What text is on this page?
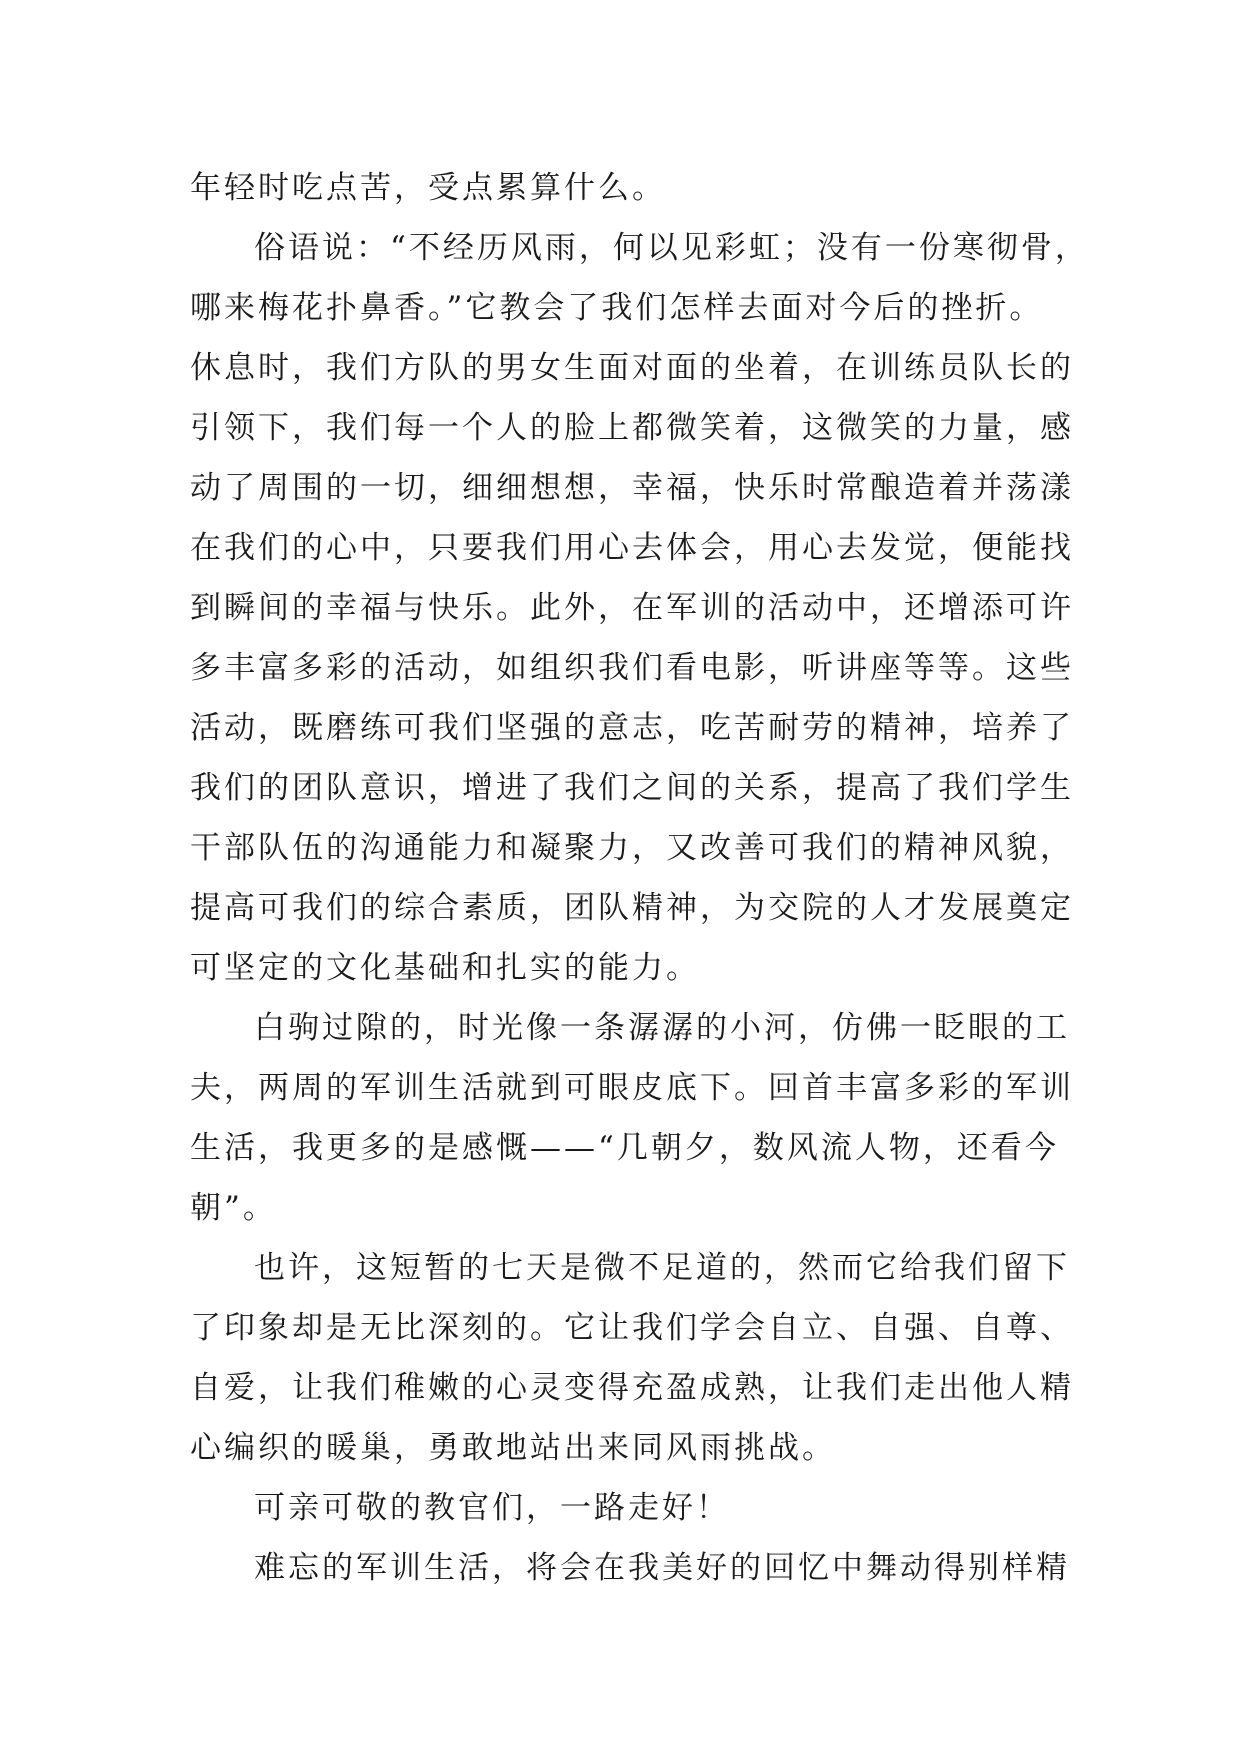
年轻时吃点苦，受点累算什么。
俗语说：“不经历风雨，何以见彩虹；没有一份寒彻骨，
哪来梅花扑鼻香。”它教会了我们怎样去面对今后的挫折。
休息时，我们方队的男女生面对面的坐着，在训练员队长的
引领下，我们每一个人的脸上都微笑着，这微笑的力量，感
动了周围的一切，细细想想，幸福，快乐时常酿造着并荡漾
在我们的心中，只要我们用心去体会，用心去发觉，便能找
到瞬间的幸福与快乐。此外，在军训的活动中，还增添可许
多丰富多彩的活动，如组织我们看电影，听讲座等等。这些
活动，既磨练可我们坚强的意志，吃苦耐劳的精神，培养了
我们的团队意识，增进了我们之间的关系，提高了我们学生
干部队伍的沟通能力和凝聚力，又改善可我们的精神风貌，
提高可我们的综合素质，团队精神，为交院的人才发展奠定
可坚定的文化基础和扎实的能力。
白驹过隙的，时光像一条潺潺的小河，仿佛一眨眼的工
夫，两周的军训生活就到可眼皮底下。回首丰富多彩的军训
生活，我更多的是感慨——“几朝夕，数风流人物，还看今
朝”。
也许，这短暂的七天是微不足道的，然而它给我们留下
了印象却是无比深刻的。它让我们学会自立、自强、自尊、
自爱，让我们稚嫩的心灵变得充盈成熟，让我们走出他人精
心编织的暖巢，勇敢地站出来同风雨挑战。
可亲可敬的教官们，一路走好！
难忘的军训生活，将会在我美好的回忆中舞动得别样精
